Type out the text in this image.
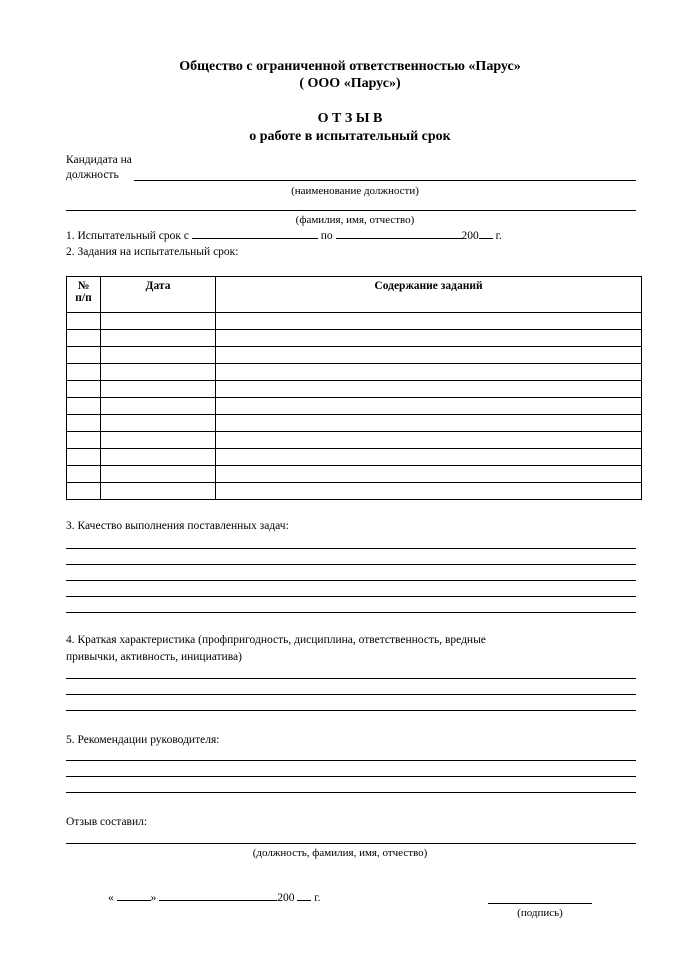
Общество с ограниченной ответственностью «Парус»
( ООО «Парус»)
О Т З Ы В
о работе в испытательный срок
Кандидата на
должность
(наименование должности)
(фамилия, имя, отчество)
1. Испытательный срок с	по	200 г.
2. Задания на испытательный срок:
№
п/п	Дата	Содержание заданий

3. Качество выполнения поставленных задач:
4. Краткая характеристика (профпригодность, дисциплина, ответственность, вредные
привычки, активность, инициатива)
5. Рекомендации руководителя:
Отзыв составил:
(должность, фамилия, имя, отчество)
«	»	200 г.
(подпись)
